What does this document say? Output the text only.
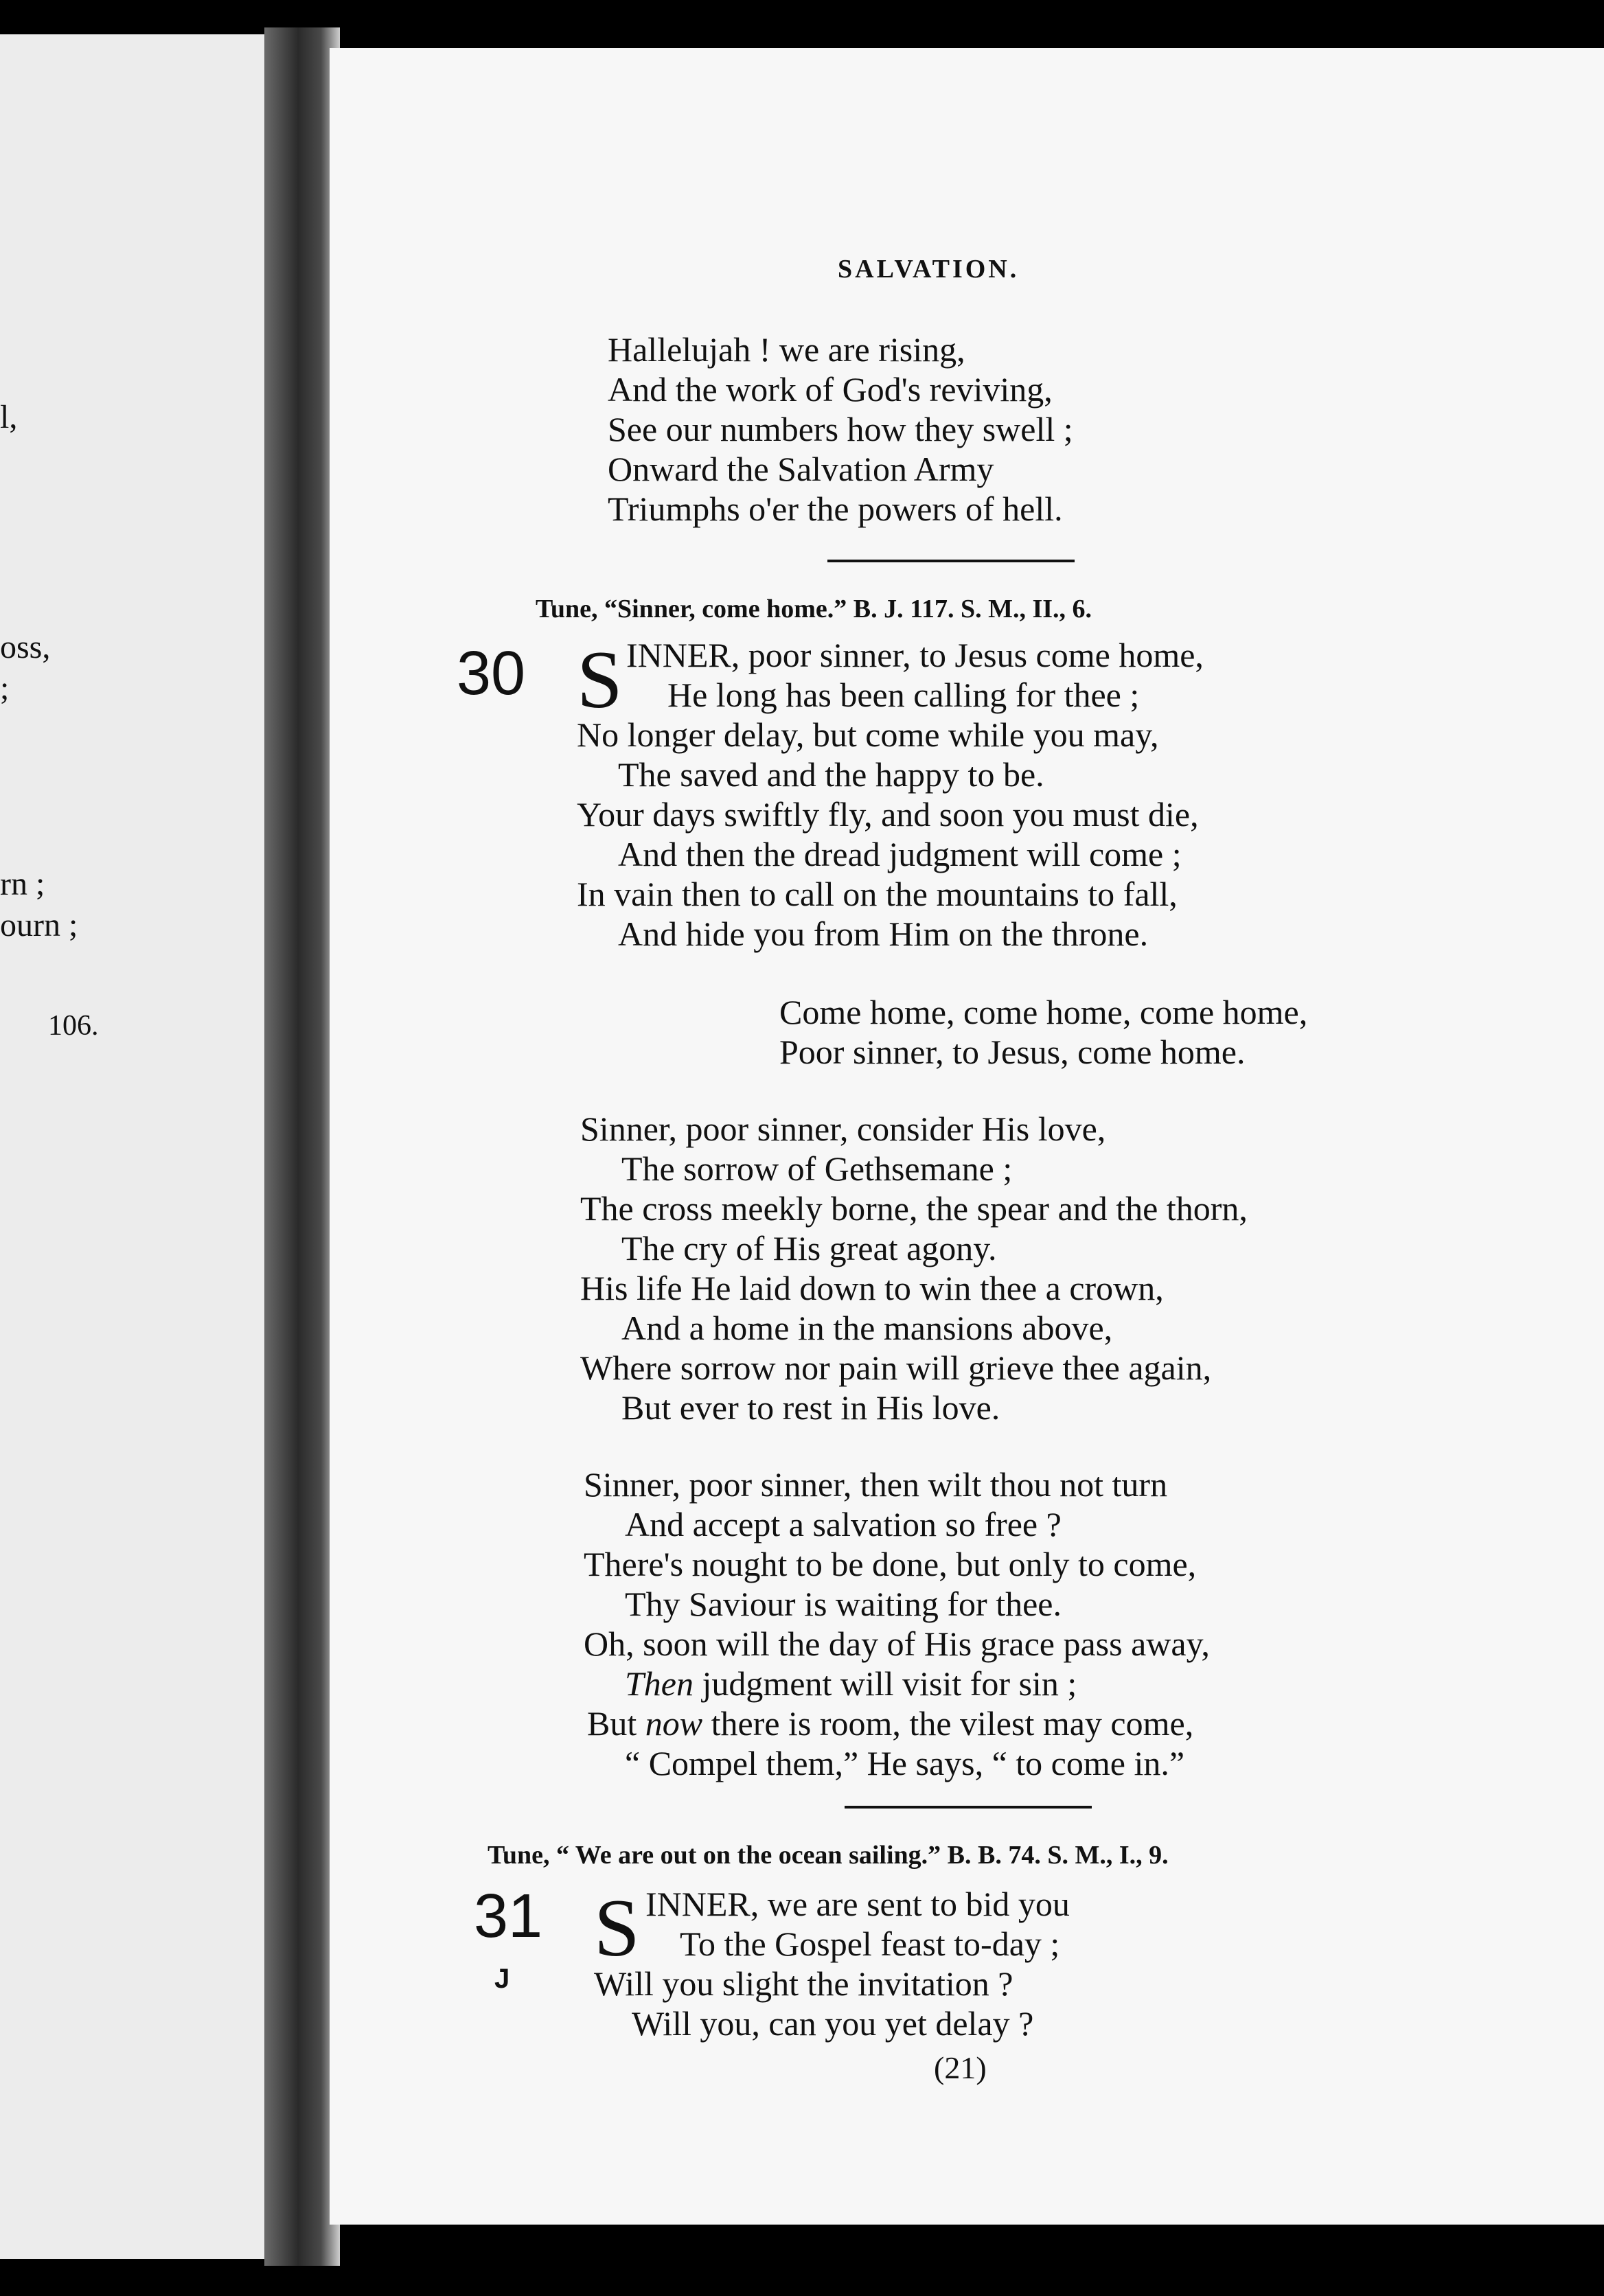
l,
oss,
;
rn ;
ourn ;
106.
SALVATION.
Hallelujah ! we are rising,
And the work of God's reviving,
See our numbers how they swell ;
Onward the Salvation Army
Triumphs o'er the powers of hell.
Tune, “Sinner, come home.” B. J. 117. S. M., II., 6.
30 S INNER, poor sinner, to Jesus come home,
He long has been calling for thee ;
No longer delay, but come while you may,
The saved and the happy to be.
Your days swiftly fly, and soon you must die,
And then the dread judgment will come ;
In vain then to call on the mountains to fall,
And hide you from Him on the throne.
Come home, come home, come home,
Poor sinner, to Jesus, come home.
Sinner, poor sinner, consider His love,
The sorrow of Gethsemane ;
The cross meekly borne, the spear and the thorn,
The cry of His great agony.
His life He laid down to win thee a crown,
And a home in the mansions above,
Where sorrow nor pain will grieve thee again,
But ever to rest in His love.
Sinner, poor sinner, then wilt thou not turn
And accept a salvation so free ?
There's nought to be done, but only to come,
Thy Saviour is waiting for thee.
Oh, soon will the day of His grace pass away,
Then judgment will visit for sin ;
But now there is room, the vilest may come,
“ Compel them,” He says, “ to come in.”
Tune, “ We are out on the ocean sailing.” B. B. 74. S. M., I., 9.
31
J
S INNER, we are sent to bid you
To the Gospel feast to-day ;
Will you slight the invitation ?
Will you, can you yet delay ?
(21)
